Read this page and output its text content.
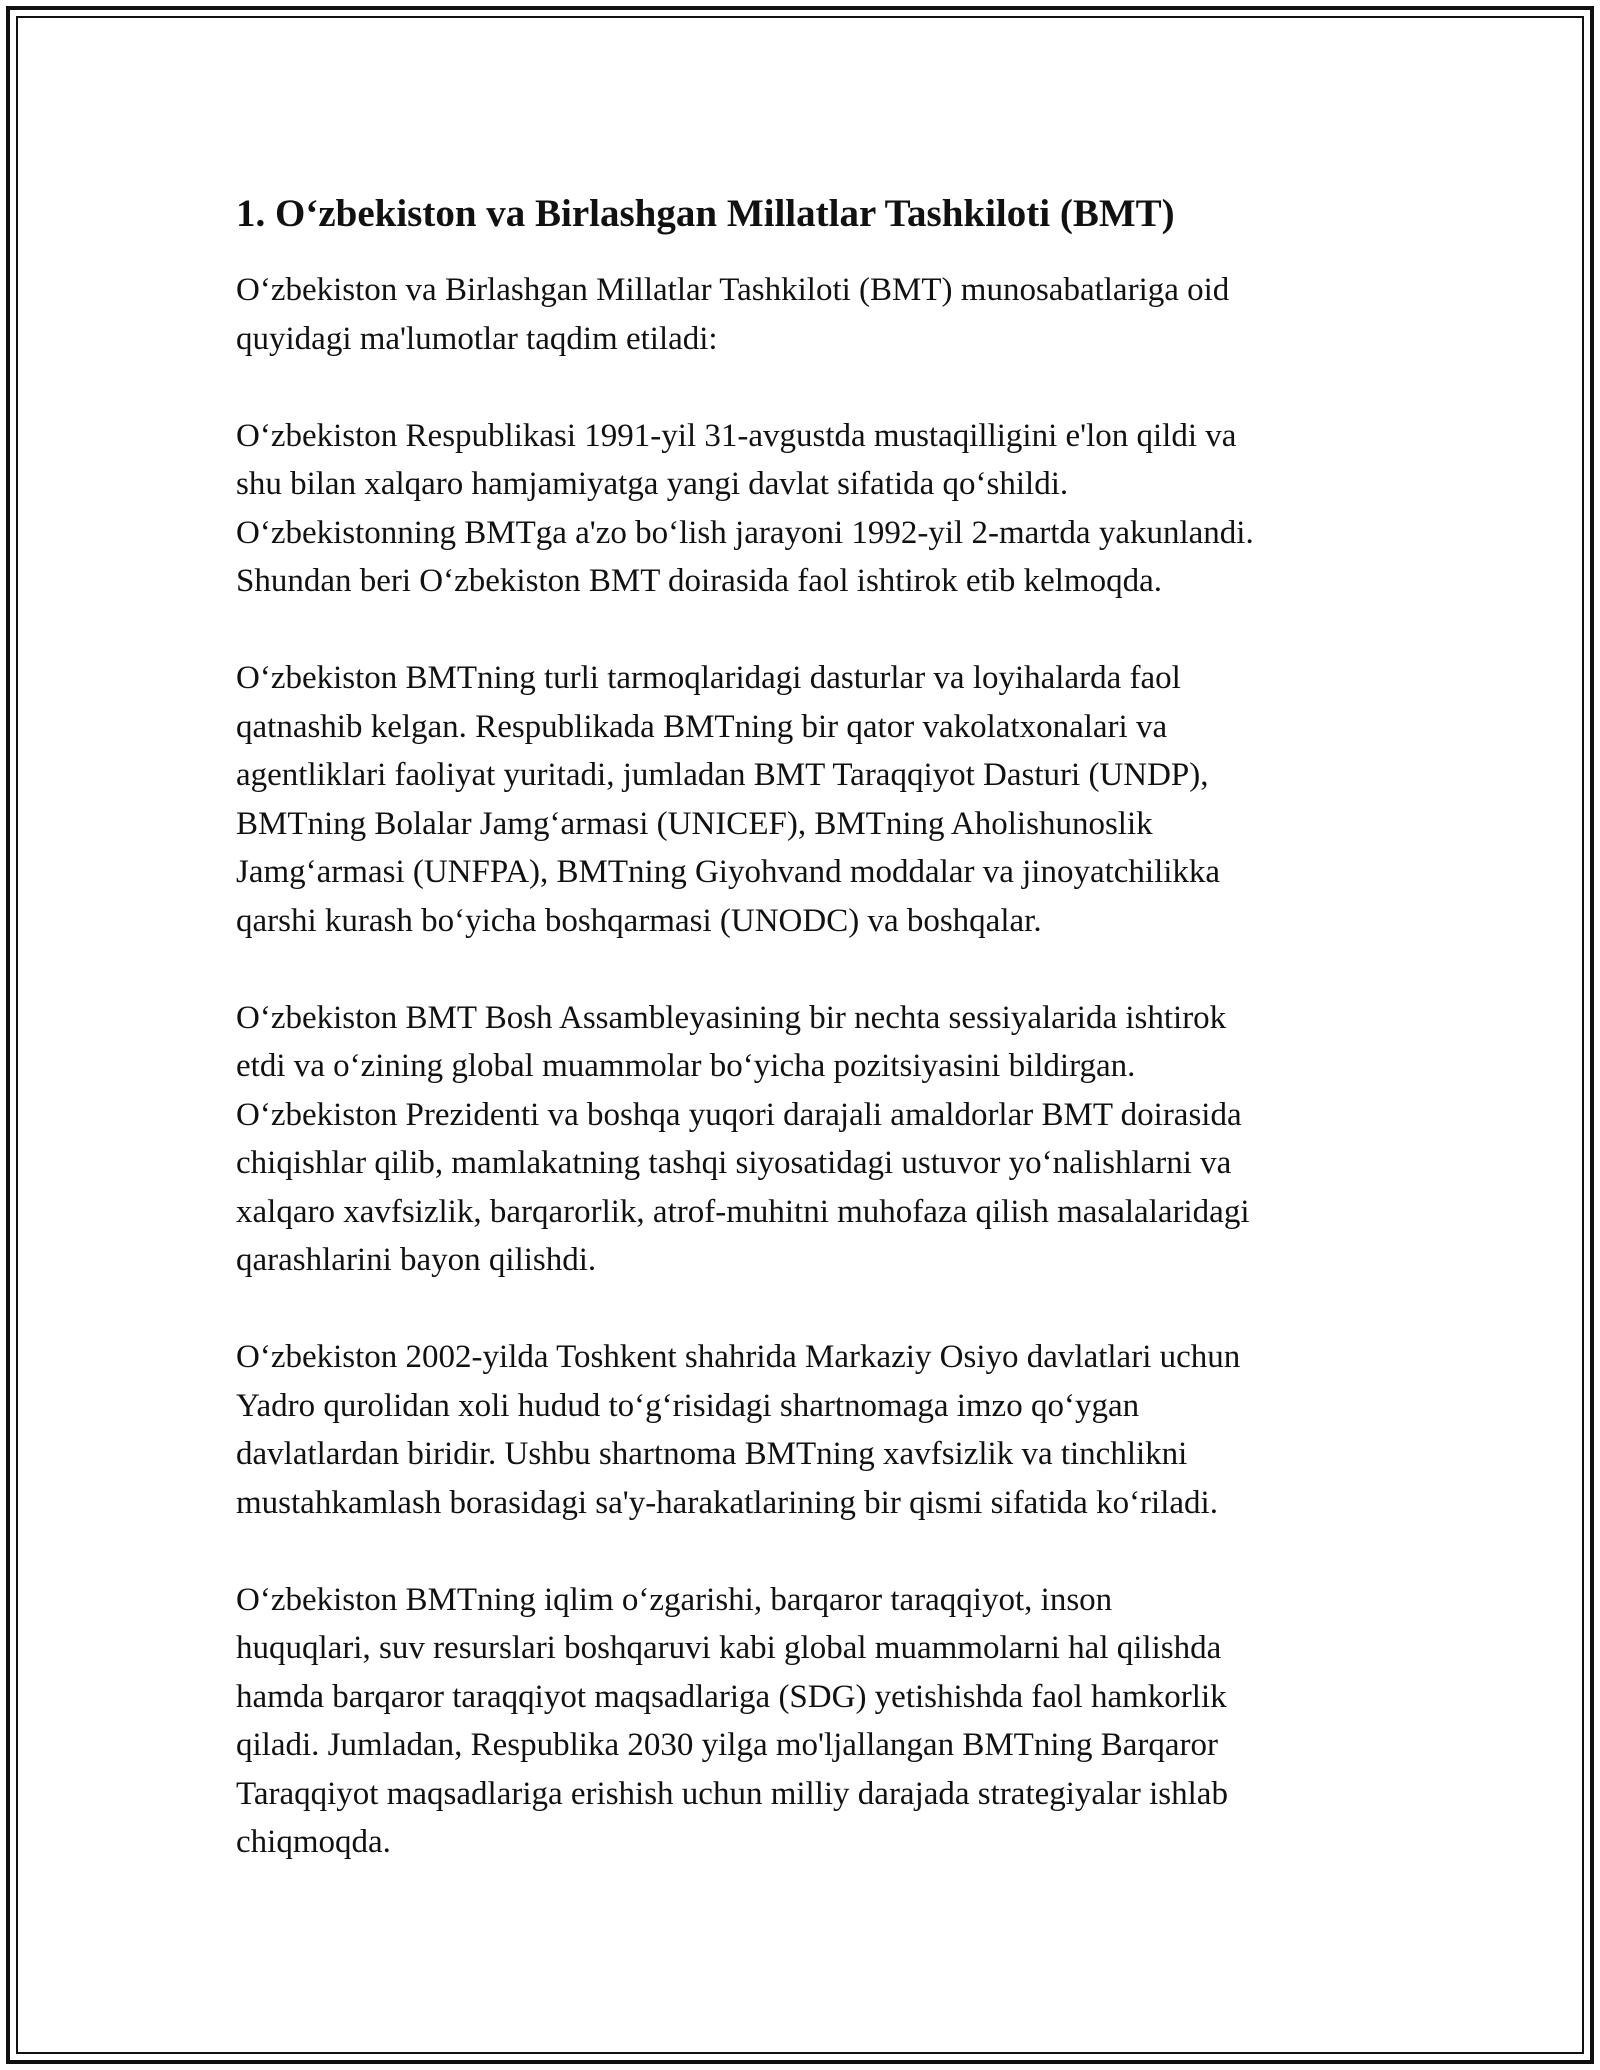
1. O‘zbekiston va Birlashgan Millatlar Tashkiloti (BMT)

O‘zbekiston va Birlashgan Millatlar Tashkiloti (BMT) munosabatlariga oid
quyidagi ma'lumotlar taqdim etiladi:

O‘zbekiston Respublikasi 1991-yil 31-avgustda mustaqilligini e'lon qildi va
shu bilan xalqaro hamjamiyatga yangi davlat sifatida qo‘shildi.
O‘zbekistonning BMTga a'zo bo‘lish jarayoni 1992-yil 2-martda yakunlandi.
Shundan beri O‘zbekiston BMT doirasida faol ishtirok etib kelmoqda.

O‘zbekiston BMTning turli tarmoqlaridagi dasturlar va loyihalarda faol
qatnashib kelgan. Respublikada BMTning bir qator vakolatxonalari va
agentliklari faoliyat yuritadi, jumladan BMT Taraqqiyot Dasturi (UNDP),
BMTning Bolalar Jamg‘armasi (UNICEF), BMTning Aholishunoslik
Jamg‘armasi (UNFPA), BMTning Giyohvand moddalar va jinoyatchilikka
qarshi kurash bo‘yicha boshqarmasi (UNODC) va boshqalar.

O‘zbekiston BMT Bosh Assambleyasining bir nechta sessiyalarida ishtirok
etdi va o‘zining global muammolar bo‘yicha pozitsiyasini bildirgan.
O‘zbekiston Prezidenti va boshqa yuqori darajali amaldorlar BMT doirasida
chiqishlar qilib, mamlakatning tashqi siyosatidagi ustuvor yo‘nalishlarni va
xalqaro xavfsizlik, barqarorlik, atrof-muhitni muhofaza qilish masalalaridagi
qarashlarini bayon qilishdi.

O‘zbekiston 2002-yilda Toshkent shahrida Markaziy Osiyo davlatlari uchun
Yadro qurolidan xoli hudud to‘g‘risidagi shartnomaga imzo qo‘ygan
davlatlardan biridir. Ushbu shartnoma BMTning xavfsizlik va tinchlikni
mustahkamlash borasidagi sa'y-harakatlarining bir qismi sifatida ko‘riladi.

O‘zbekiston BMTning iqlim o‘zgarishi, barqaror taraqqiyot, inson
huquqlari, suv resurslari boshqaruvi kabi global muammolarni hal qilishda
hamda barqaror taraqqiyot maqsadlariga (SDG) yetishishda faol hamkorlik
qiladi. Jumladan, Respublika 2030 yilga mo'ljallangan BMTning Barqaror
Taraqqiyot maqsadlariga erishish uchun milliy darajada strategiyalar ishlab
chiqmoqda.
